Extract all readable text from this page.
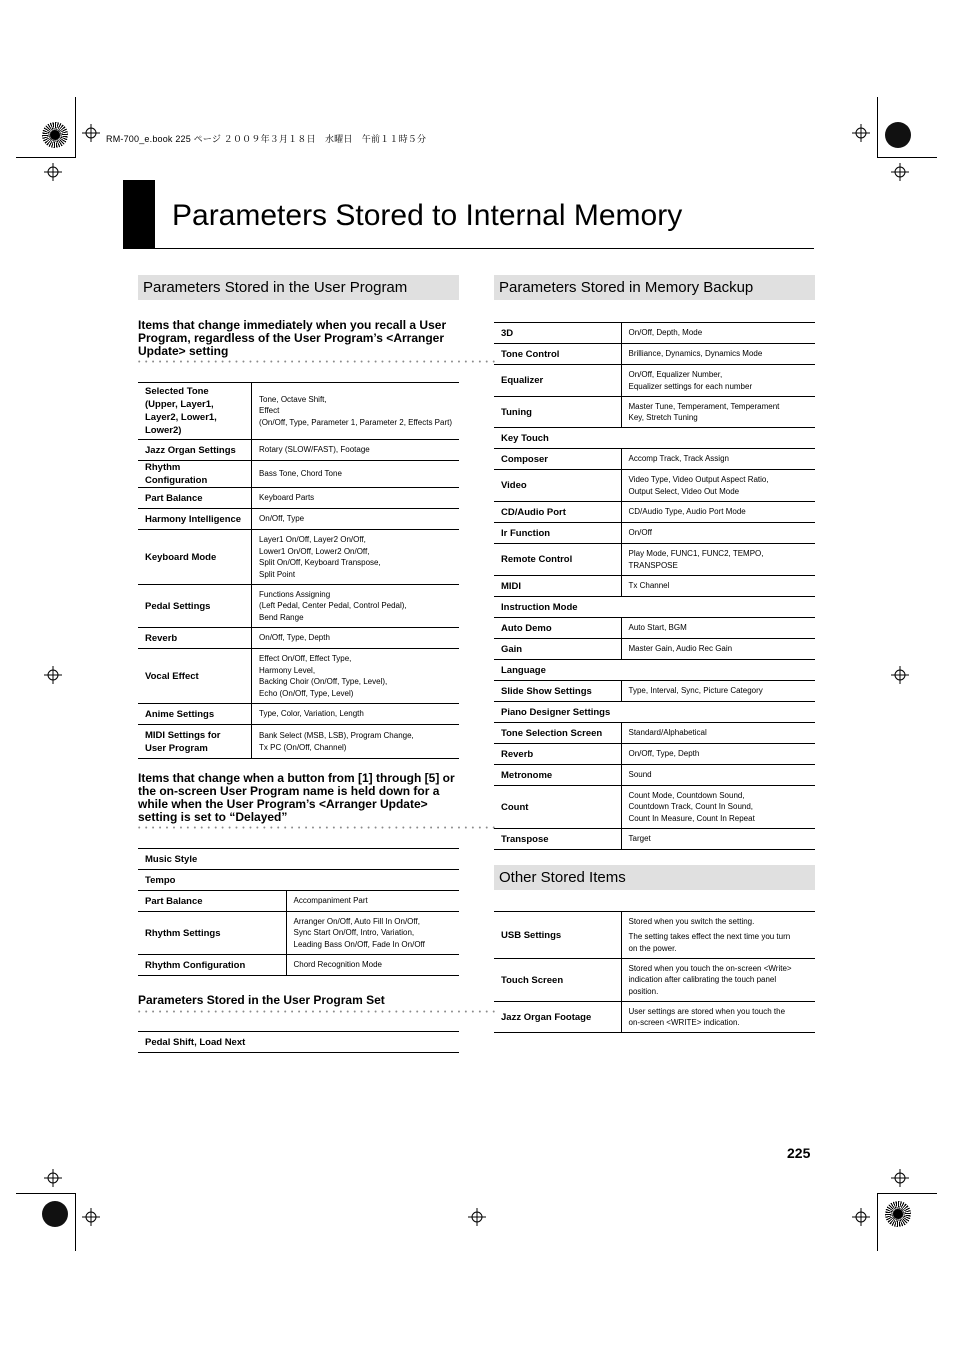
RM-700_e.book 225 ページ ２００９年３月１８日　水曜日　午前１１時５分
Parameters Stored to Internal Memory
Parameters Stored in the User Program
Items that change immediately when you recall a User Program, regardless of the User Program’s <Arranger Update> setting
••••••••••••••••••••••••••••••••••••••••••••••••••••
Selected Tone (Upper, Layer1, Layer2, Lower1, Lower2)	Tone, Octave Shift,
Effect
(On/Off, Type, Parameter 1, Parameter 2, Effects Part)

Jazz Organ Settings	Rotary (SLOW/FAST), Footage

Rhythm Configuration	Bass Tone, Chord Tone

Part Balance	Keyboard Parts

Harmony Intelligence	On/Off, Type

Keyboard Mode	Layer1 On/Off, Layer2 On/Off,
Lower1 On/Off, Lower2 On/Off,
Split On/Off, Keyboard Transpose,
Split Point

Pedal Settings	Functions Assigning
(Left Pedal, Center Pedal, Control Pedal),
Bend Range

Reverb	On/Off, Type, Depth

Vocal Effect	Effect On/Off, Effect Type,
Harmony Level,
Backing Choir (On/Off, Type, Level),
Echo (On/Off, Type, Level)

Anime Settings	Type, Color, Variation, Length

MIDI Settings for User Program	Bank Select (MSB, LSB), Program Change,
Tx PC (On/Off, Channel)
Items that change when a button from [1] through [5] or the on-screen User Program name is held down for a while when the User Program’s <Arranger Update> setting is set to “Delayed”
••••••••••••••••••••••••••••••••••••••••••••••••••••
Music Style	
Tempo	
Part Balance	Accompaniment Part

Rhythm Settings	Arranger On/Off, Auto Fill In On/Off,
Sync Start On/Off, Intro, Variation,
Leading Bass On/Off, Fade In On/Off

Rhythm Configuration	Chord Recognition Mode
Parameters Stored in the User Program Set
••••••••••••••••••••••••••••••••••••••••••••••••••••
Pedal Shift, Load Next
Parameters Stored in Memory Backup
3D	On/Off, Depth, Mode

Tone Control	Brilliance, Dynamics, Dynamics Mode

Equalizer	On/Off, Equalizer Number,
Equalizer settings for each number

Tuning	Master Tune, Temperament, Temperament
Key, Stretch Tuning

Key Touch	
Composer	Accomp Track, Track Assign

Video	Video Type, Video Output Aspect Ratio,
Output Select, Video Out Mode

CD/Audio Port	CD/Audio Type, Audio Port Mode

Ir Function	On/Off

Remote Control	Play Mode, FUNC1, FUNC2, TEMPO,
TRANSPOSE

MIDI	Tx Channel

Instruction Mode	
Auto Demo	Auto Start, BGM

Gain	Master Gain, Audio Rec Gain

Language	
Slide Show Settings	Type, Interval, Sync, Picture Category

Piano Designer Settings	
Tone Selection Screen	Standard/Alphabetical

Reverb	On/Off, Type, Depth

Metronome	Sound

Count	Count Mode, Countdown Sound,
Countdown Track, Count In Sound,
Count In Measure, Count In Repeat

Transpose	Target
Other Stored Items
USB Settings	Stored when you switch the setting.
The setting takes effect the next time you turn
on the power.

Touch Screen	Stored when you touch the on-screen <Write>
indication after calibrating the touch panel
position.

Jazz Organ Footage	User settings are stored when you touch the
on-screen <WRITE> indication.
225
